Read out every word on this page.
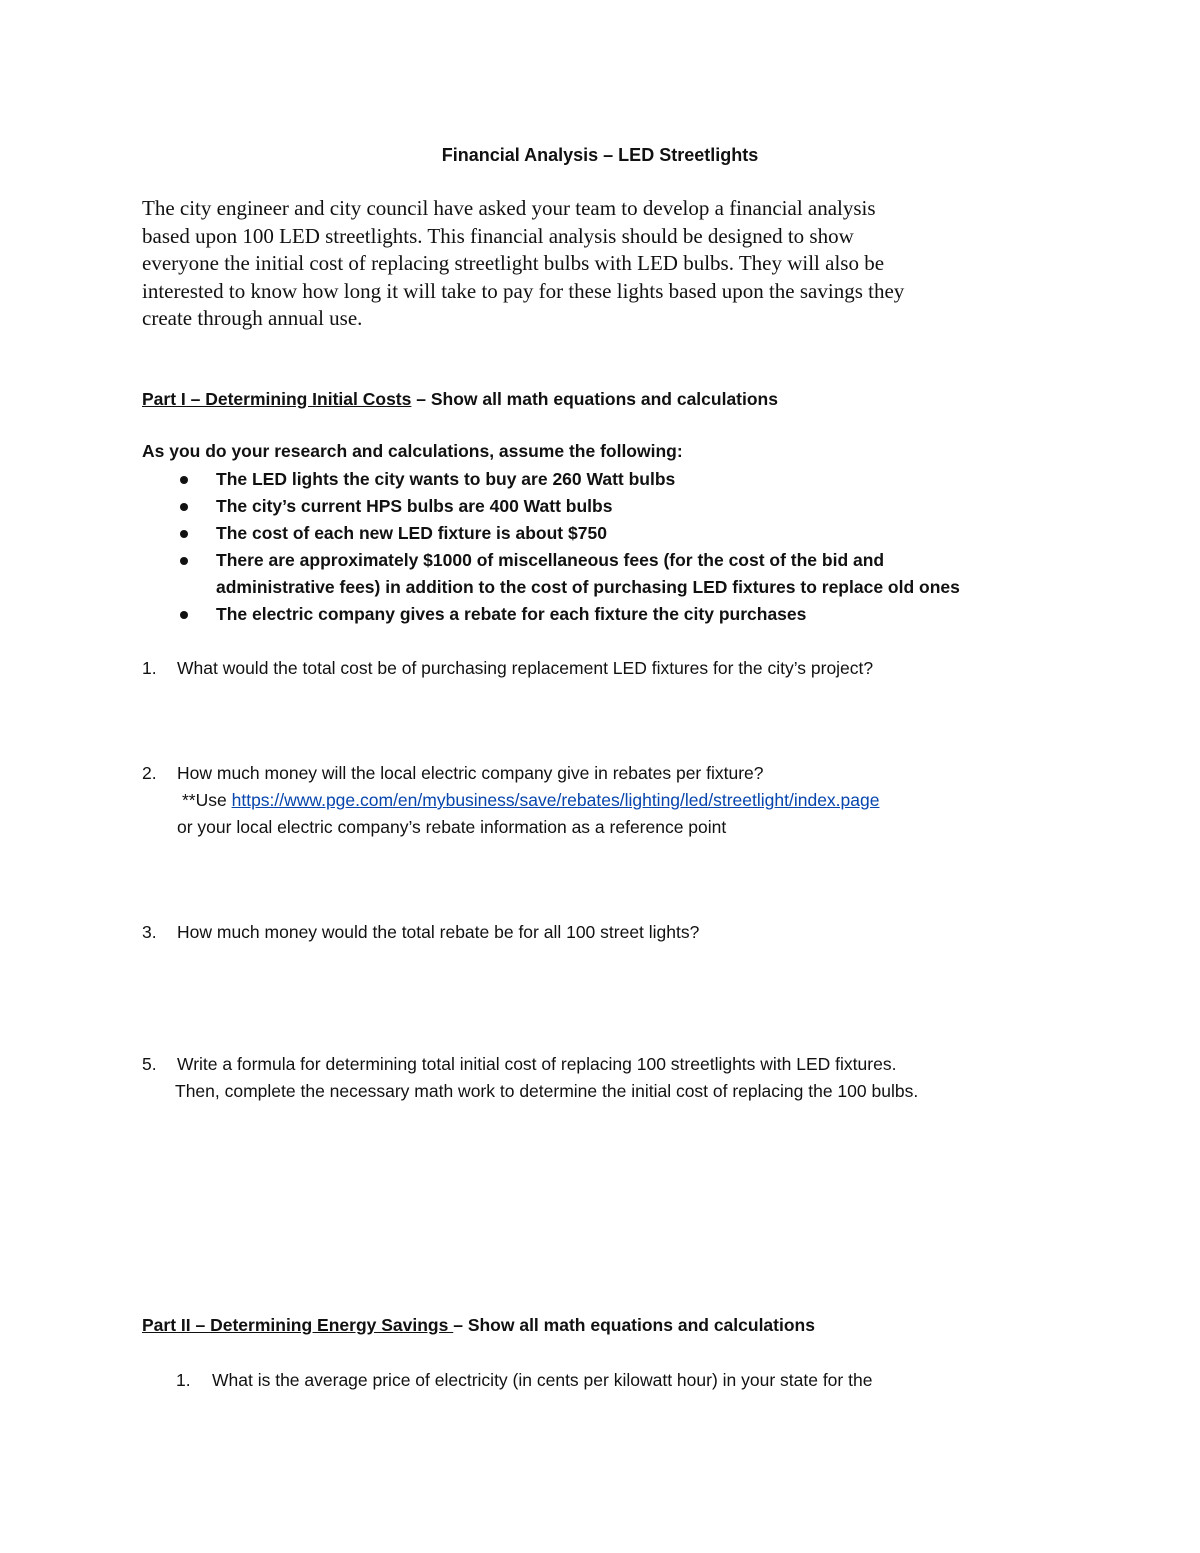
Financial Analysis – LED Streetlights
The city engineer and city council have asked your team to develop a financial analysis
based upon 100 LED streetlights. This financial analysis should be designed to show
everyone the initial cost of replacing streetlight bulbs with LED bulbs. They will also be
interested to know how long it will take to pay for these lights based upon the savings they
create through annual use.
Part I – Determining Initial Costs – Show all math equations and calculations
As you do your research and calculations, assume the following:
The LED lights the city wants to buy are 260 Watt bulbs
The city’s current HPS bulbs are 400 Watt bulbs
The cost of each new LED fixture is about $750
There are approximately $1000 of miscellaneous fees (for the cost of the bid and
administrative fees) in addition to the cost of purchasing LED fixtures to replace old ones
The electric company gives a rebate for each fixture the city purchases
1. What would the total cost be of purchasing replacement LED fixtures for the city’s project?
2. How much money will the local electric company give in rebates per fixture?
**Use https://www.pge.com/en/mybusiness/save/rebates/lighting/led/streetlight/index.page
or your local electric company’s rebate information as a reference point
3. How much money would the total rebate be for all 100 street lights?
5. Write a formula for determining total initial cost of replacing 100 streetlights with LED fixtures.
Then, complete the necessary math work to determine the initial cost of replacing the 100 bulbs.
Part II – Determining Energy Savings – Show all math equations and calculations
1. What is the average price of electricity (in cents per kilowatt hour) in your state for the
